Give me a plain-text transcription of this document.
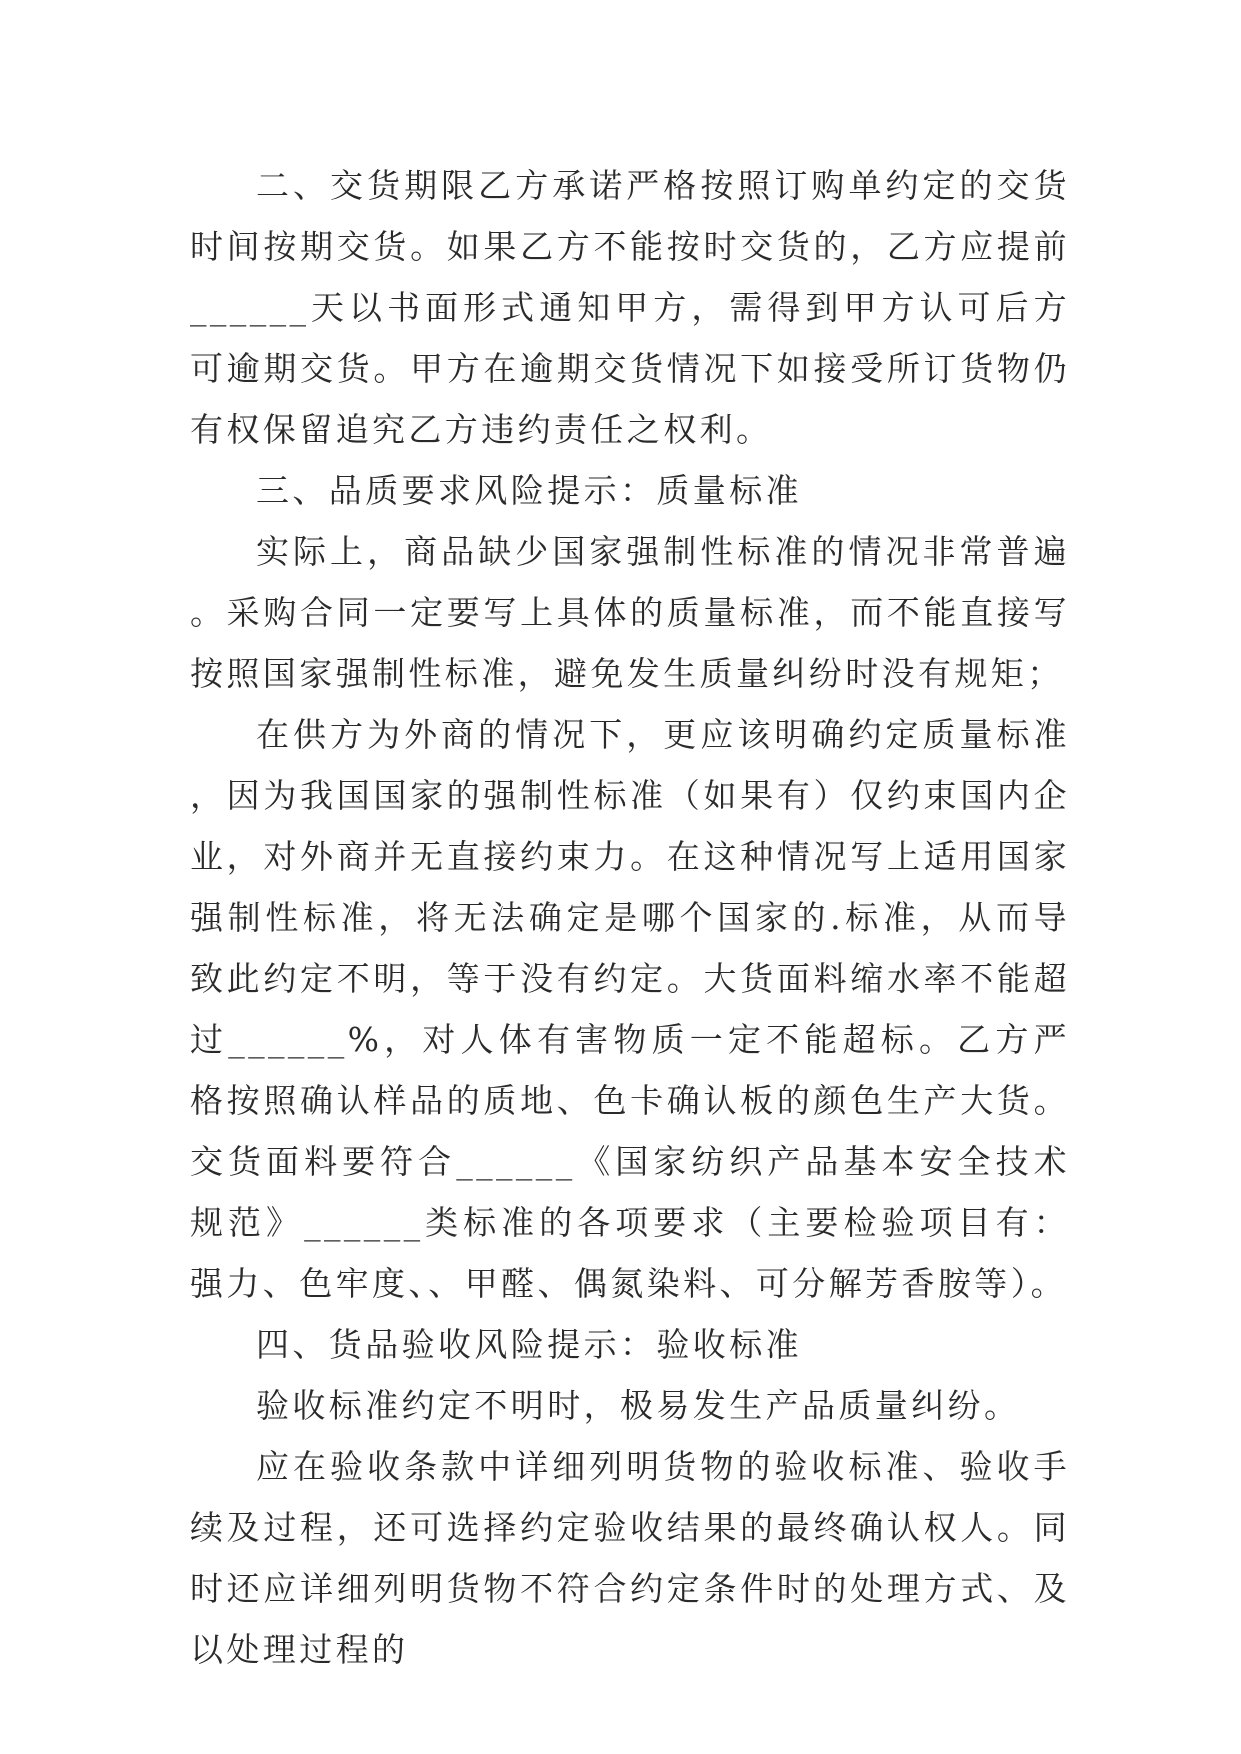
二、交货期限乙方承诺严格按照订购单约定的交货时间按期交货。如果乙方不能按时交货的，乙方应提前______天以书面形式通知甲方，需得到甲方认可后方可逾期交货。甲方在逾期交货情况下如接受所订货物仍有权保留追究乙方违约责任之权利。

三、品质要求风险提示：质量标准

实际上，商品缺少国家强制性标准的情况非常普遍。采购合同一定要写上具体的质量标准，而不能直接写按照国家强制性标准，避免发生质量纠纷时没有规矩；

在供方为外商的情况下，更应该明确约定质量标准，因为我国国家的强制性标准（如果有）仅约束国内企业，对外商并无直接约束力。在这种情况写上适用国家强制性标准，将无法确定是哪个国家的.标准，从而导致此约定不明，等于没有约定。大货面料缩水率不能超过______%，对人体有害物质一定不能超标。乙方严格按照确认样品的质地、色卡确认板的颜色生产大货。交货面料要符合______《国家纺织产品基本安全技术规范》______类标准的各项要求（主要检验项目有：强力、色牢度、、甲醛、偶氮染料、可分解芳香胺等）。

四、货品验收风险提示：验收标准

验收标准约定不明时，极易发生产品质量纠纷。

应在验收条款中详细列明货物的验收标准、验收手续及过程，还可选择约定验收结果的最终确认权人。同时还应详细列明货物不符合约定条件时的处理方式、及以处理过程的
